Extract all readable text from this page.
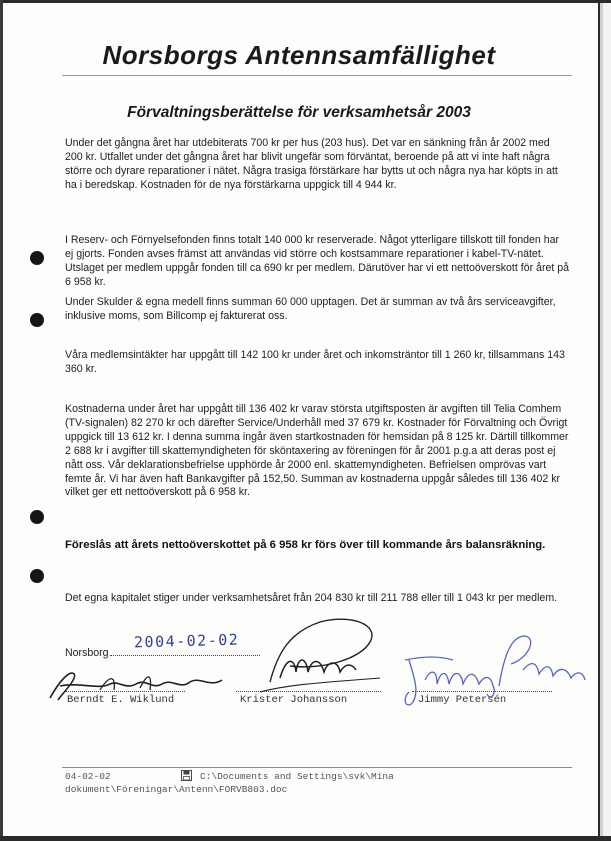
Norsborgs Antennsamfällighet
Förvaltningsberättelse för verksamhetsår 2003

Under det gångna året har utdebiterats 700 kr per hus (203 hus). Det var en sänkning från år 2002 med 200 kr. Utfallet under det gångna året har blivit ungefär som förväntat, beroende på att vi inte haft några större och dyrare reparationer i nätet. Några trasiga förstärkare har bytts ut och några nya har köpts in att ha i beredskap. Kostnaden för de nya förstärkarna uppgick till 4 944 kr.

I Reserv- och Förnyelsefonden finns totalt 140 000 kr reserverade. Något ytterligare tillskott till fonden har ej gjorts. Fonden avses främst att användas vid större och kostsammare reparationer i kabel-TV-nätet. Utslaget per medlem uppgår fonden till ca 690 kr per medlem. Därutöver har vi ett nettoöverskott för året på 6 958 kr.

Under Skulder & egna medell finns summan 60 000 upptagen. Det är summan av två års serviceavgifter, inklusive moms, som Billcomp ej fakturerat oss.

Våra medlemsintäkter har uppgått till 142 100 kr under året och inkomsträntor till 1 260 kr, tillsammans 143 360 kr.

Kostnaderna under året har uppgått till 136 402 kr varav största utgiftsposten är avgiften till Telia Comhem (TV-signalen) 82 270 kr och därefter Service/Underhåll med 37 679 kr. Kostnader för Förvaltning och Övrigt uppgick till 13 612 kr. I denna summa ingår även startkostnaden för hemsidan på 8 125 kr. Därtill tillkommer 2 688 kr i avgifter till skattemyndigheten för sköntaxering av föreningen för år 2001 p.g.a att deras post ej nått oss. Vår deklarationsbefrielse upphörde år 2000 enl. skattemyndigheten. Befrielsen omprövas vart femte år. Vi har även haft Bankavgifter på 152,50. Summan av kostnaderna uppgår således till 136 402 kr vilket ger ett nettoöverskott på 6 958 kr.

Föreslås att årets nettoöverskottet på 6 958 kr förs över till kommande års balansräkning.

Det egna kapitalet stiger under verksamhetsåret från 204 830 kr till 211 788 eller till 1 043 kr per medlem.

Norsborg
2004-02-02
Berndt E. Wiklund	Krister Johansson	Jimmy Petersén
04-02-02	C:\Documents and Settings\svk\Mina dokument\Föreningar\Antenn\FORVB803.doc
